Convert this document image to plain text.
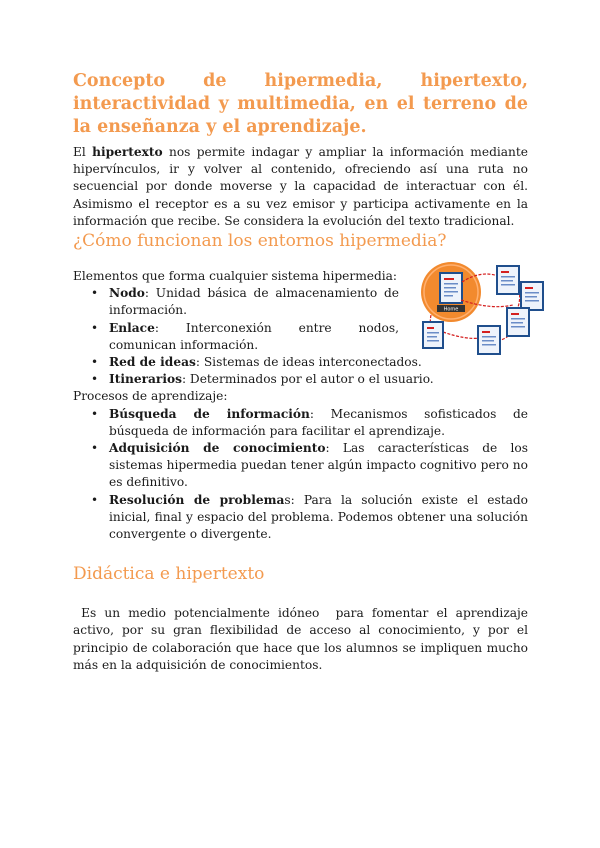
Concepto de hipermedia, hipertexto, interactividad y multimedia, en el terreno de la enseñanza y el aprendizaje.

El hipertexto nos permite indagar y ampliar la información mediante hipervínculos, ir y volver al contenido, ofreciendo así una ruta no secuencial por donde moverse y la capacidad de interactuar con él. Asimismo el receptor es a su vez emisor y participa activamente en la información que recibe. Se considera la evolución del texto tradicional.

¿Cómo funcionan los entornos hipermedia?
Home

Elementos que forma cualquier sistema hipermedia:

• Nodo: Unidad básica de almacenamiento de información.
• Enlace: Interconexión entre nodos, comunican información.
• Red de ideas: Sistemas de ideas interconectados.
• Itinerarios: Determinados por el autor o el usuario.

Procesos de aprendizaje:

• Búsqueda de información: Mecanismos sofisticados de búsqueda de información para facilitar el aprendizaje.
• Adquisición de conocimiento: Las características de los sistemas hipermedia puedan tener algún impacto cognitivo pero no es definitivo.
• Resolución de problemas: Para la solución existe el estado inicial, final y espacio del problema. Podemos obtener una solución convergente o divergente.
Didáctica e hipertexto

Es un medio potencialmente idóneo  para fomentar el aprendizaje activo, por su gran flexibilidad de acceso al conocimiento, y por el  principio de colaboración que hace que los alumnos se impliquen mucho más en la adquisición de conocimientos.
